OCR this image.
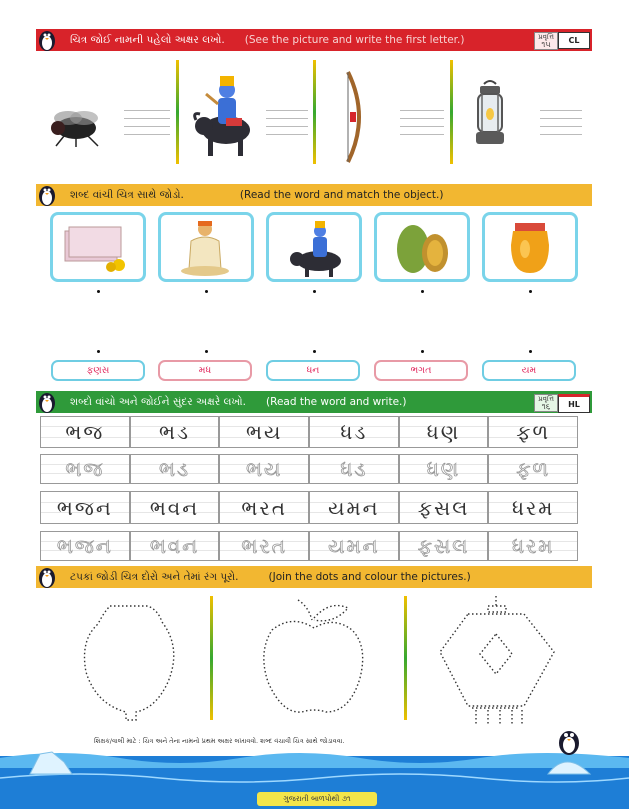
ચિત્ર જોઈ નામની પહેલો અક્ષર લખો. (See the picture and write the first letter.)	પ્રવૃત્તિ
૧૫	CL
શબ્દ વાંચી ચિત્ર સાથે જોડો.	(Read the word and match the object.)
ફણસ	મધ	ધન	ભગત	યમ
શબ્દો વાંચો અને જોઈને સુંદર અક્ષરે લખો. (Read the word and write.)	પ્રવૃત્તિ
૧૬	HL
ભજ	ભડ	ભય	ધડ	ધણ	ફળ
ભજ	ભડ	ભય	ધડ	ધણ	ફળ
ભજન ભવન ભરત યમન ફસલ ધરમ
ભજન ભવન ભરત યમન ફસલ ધરમ
ટપકાં જોડી ચિત્ર દોરો અને તેમાં રંગ પૂરો.	(Join the dots and colour the pictures.)
શિક્ષક/વાલી માટે : ચિત્ર અને તેના નામનો પ્રથમ અક્ષર લખાવવો. શબ્દ વંચાવી ચિત્ર સાથે જોડાવવા.
ગુજરાતી બાળપોથી
૭૧
